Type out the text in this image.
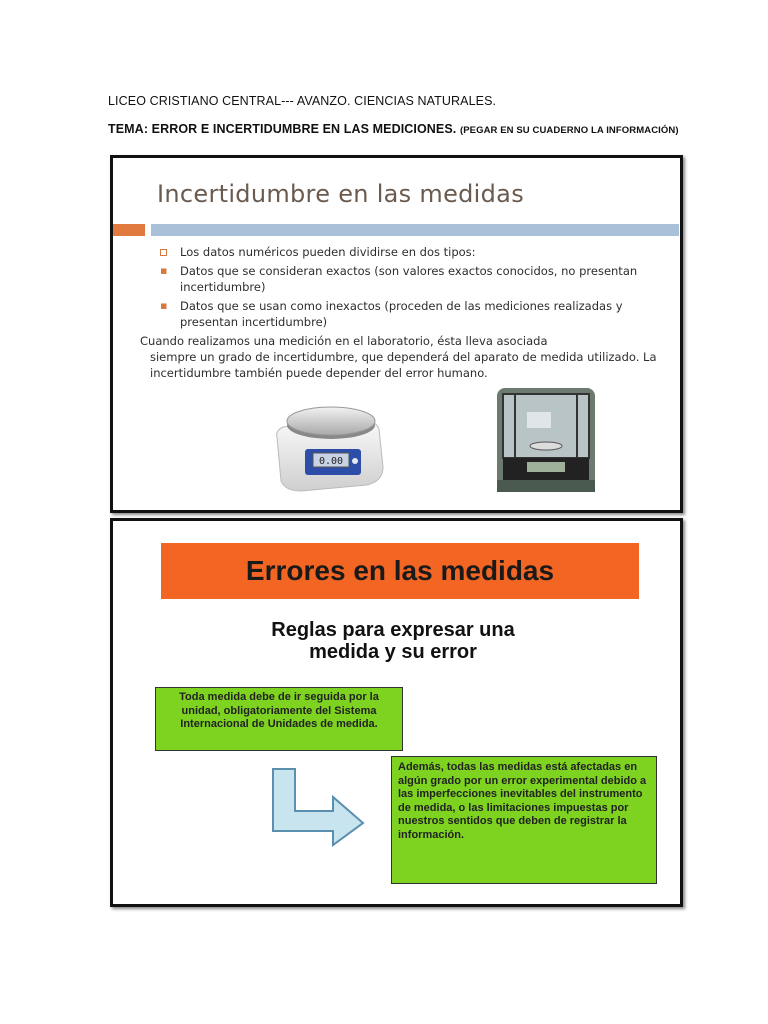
LICEO CRISTIANO CENTRAL--- AVANZO. CIENCIAS NATURALES.
TEMA: ERROR E INCERTIDUMBRE EN LAS MEDICIONES. (PEGAR EN SU CUADERNO LA INFORMACIÓN)
Incertidumbre en las medidas
Los datos numéricos pueden dividirse en dos tipos:
▪ Datos que se consideran exactos (son valores exactos conocidos, no presentan incertidumbre)
▪ Datos que se usan como inexactos (proceden de las mediciones realizadas y presentan incertidumbre)
Cuando realizamos una medición en el laboratorio, ésta lleva asociada
siempre un grado de incertidumbre, que dependerá del aparato de medida utilizado. La incertidumbre también puede depender del error humano.
0.00
Errores en las medidas
Reglas para expresar una
medida y su error
Toda medida debe de ir seguida por la unidad, obligatoriamente del Sistema Internacional de Unidades de medida.
Además, todas las medidas está afectadas en algún grado por un error experimental debido a las imperfecciones inevitables del instrumento de medida, o las limitaciones impuestas por nuestros sentidos que deben de registrar la información.
